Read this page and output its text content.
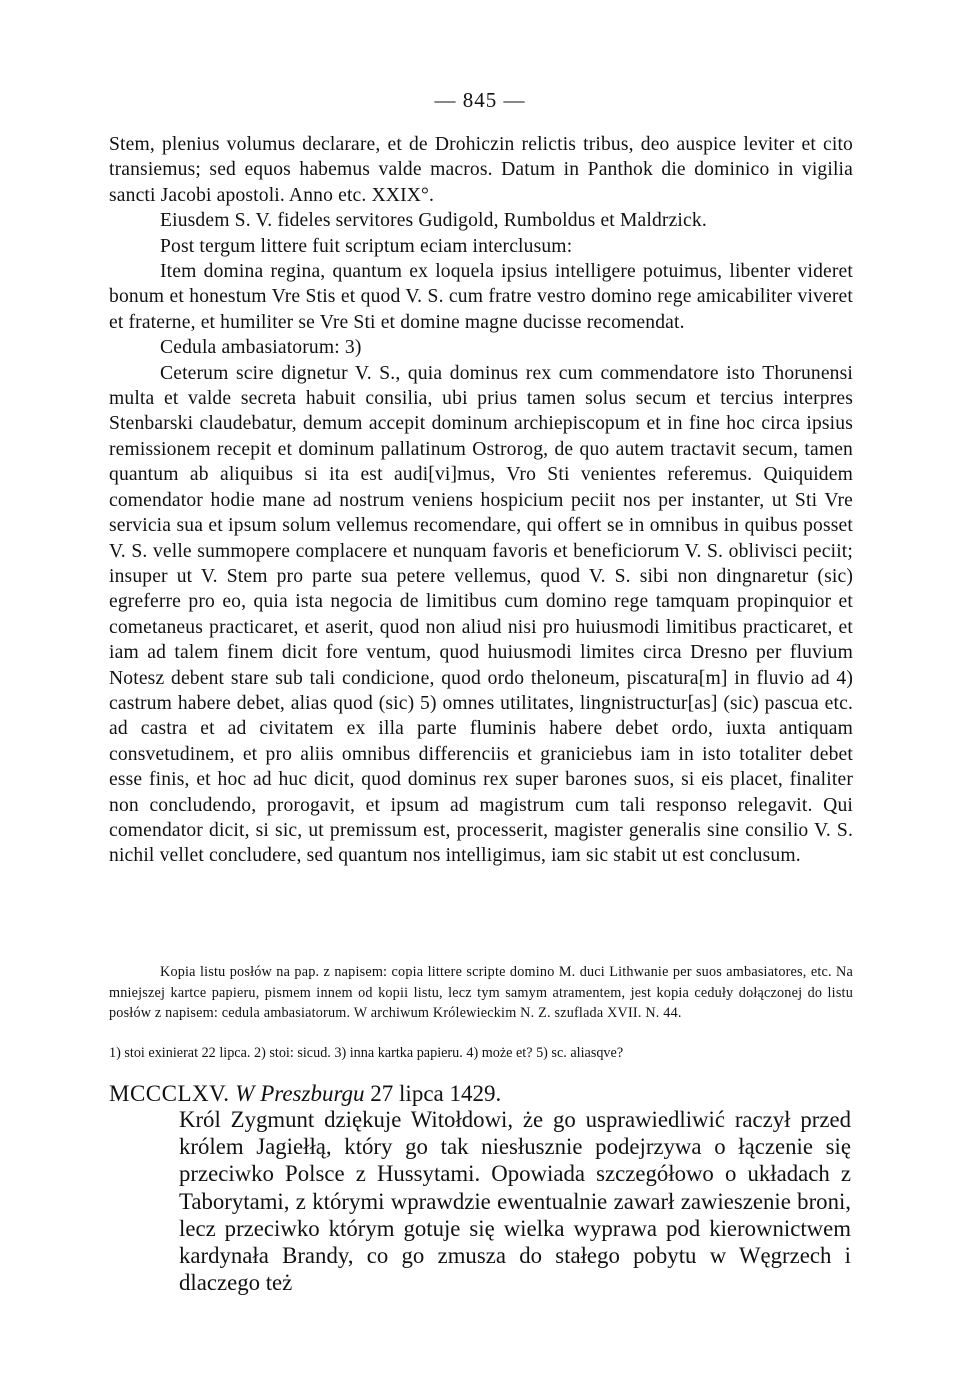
— 845 —

Stem, plenius volumus declarare, et de Drohiczin relictis tribus, deo auspice leviter et cito transiemus; sed equos habemus valde macros. Datum in Panthok die dominico in vigilia sancti Jacobi apostoli. Anno etc. XXIX°.

Eiusdem S. V. fideles servitores Gudigold, Rumboldus et Maldrzick.

Post tergum littere fuit scriptum eciam interclusum:

Item domina regina, quantum ex loquela ipsius intelligere potuimus, libenter videret bonum et honestum Vre Stis et quod V. S. cum fratre vestro domino rege amicabiliter viveret et fraterne, et humiliter se Vre Sti et domine magne ducisse recomendat.

Cedula ambasiatorum: 3)

Ceterum scire dignetur V. S., quia dominus rex cum commendatore isto Thorunensi multa et valde secreta habuit consilia, ubi prius tamen solus secum et tercius interpres Stenbarski claudebatur, demum accepit dominum archiepiscopum et in fine hoc circa ipsius remissionem recepit et dominum pallatinum Ostrorog, de quo autem tractavit secum, tamen quantum ab aliquibus si ita est audi[vi]mus, Vro Sti venientes referemus. Quiquidem comendator hodie mane ad nostrum veniens hospicium peciit nos per instanter, ut Sti Vre servicia sua et ipsum solum vellemus recomendare, qui offert se in omnibus in quibus posset V. S. velle summopere complacere et nunquam favoris et beneficiorum V. S. oblivisci peciit; insuper ut V. Stem pro parte sua petere vellemus, quod V. S. sibi non dingnaretur (sic) egreferre pro eo, quia ista negocia de limitibus cum domino rege tamquam propinquior et cometaneus practicaret, et aserit, quod non aliud nisi pro huiusmodi limitibus practicaret, et iam ad talem finem dicit fore ventum, quod huiusmodi limites circa Dresno per fluvium Notesz debent stare sub tali condicione, quod ordo theloneum, piscatura[m] in fluvio ad 4) castrum habere debet, alias quod (sic) 5) omnes utilitates, lingnistructur[as] (sic) pascua etc. ad castra et ad civitatem ex illa parte fluminis habere debet ordo, iuxta antiquam consvetudinem, et pro aliis omnibus differenciis et graniciebus iam in isto totaliter debet esse finis, et hoc ad huc dicit, quod dominus rex super barones suos, si eis placet, finaliter non concludendo, prorogavit, et ipsum ad magistrum cum tali responso relegavit. Qui comendator dicit, si sic, ut premissum est, processerit, magister generalis sine consilio V. S. nichil vellet concludere, sed quantum nos intelligimus, iam sic stabit ut est conclusum.

Kopia listu posłów na pap. z napisem: copia littere scripte domino M. duci Lithwanie per suos ambasiatores, etc. Na mniejszej kartce papieru, pismem innem od kopii listu, lecz tym samym atramentem, jest kopia ceduły dołączonej do listu posłów z napisem: cedula ambasiatorum. W archiwum Królewieckim N. Z. szuflada XVII. N. 44.

1) stoi exinierat 22 lipca. 2) stoi: sicud. 3) inna kartka papieru. 4) może et? 5) sc. aliasqve?

MCCCLXV. W Preszburgu 27 lipca 1429.

Król Zygmunt dziękuje Witołdowi, że go usprawiedliwić raczył przed królem Jagiełłą, który go tak niesłusznie podejrzywa o łączenie się przeciwko Polsce z Hussytami. Opowiada szczegółowo o układach z Taborytami, z którymi wprawdzie ewentualnie zawarł zawieszenie broni, lecz przeciwko którym gotuje się wielka wyprawa pod kierownictwem kardynała Brandy, co go zmusza do stałego pobytu w Węgrzech i dlaczego też
